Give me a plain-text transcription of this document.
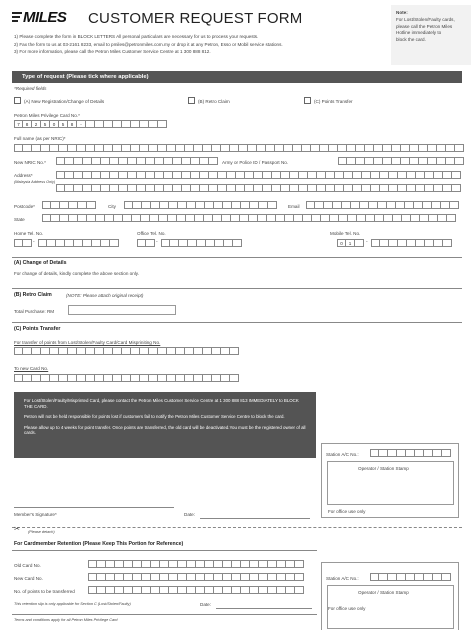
MILES CUSTOMER REQUEST FORM
1) Please complete the form in BLOCK LETTERS All personal particulars are necessary for us to process your requests.
2) Fax the form to us at 03-2161 8233, email to pmiles@petronmiles.com.my or drop it at any Petron, Esso or Mobil service stations.
3) For more information, please call the Petron Miles Customer Service Centre at 1 300 888 812.
Note:
For Lost/Stolen/Faulty cards,
please call the Petron Miles
Hotline immediately to
block the card.
Type of request (Please tick where applicable)
*Required fields
(A) New Registration/Change of Details	(B) Retro Claim	(C) Points Transfer
Petron Miles Privilege Card No.*
7	8	2	5	0	5	8	-
Full name (as per NRIC)*
New NRIC No.*	Army or Police ID / Passport No.
Address*
(Malaysia Address Only)
Postcode*	City	Email
State
Home Tel. No.	Office Tel. No.	Mobile Tel. No.
-	-	0	1	-
(A) Change of Details
For change of details, kindly complete the above section only.
(B) Retro Claim	(NOTE: Please attach original receipt)
Total Purchase: RM
(C) Points Transfer
For transfer of points from Lost/Stolen/Faulty Card/Card Mispriniting No.
To new Card No.

For Lost/Stolen/Faulty/Misprinted Card, please contact the Petron Miles Customer Service Centre at 1 300 888 813 IMMEDIATELY to BLOCK THE CARD.

Petron will not be held responsible for points lost if customers fail to notify the Petron Miles Customer Service Centre to block the card.

Please allow up to 4 weeks for point transfer. Once points are transferred, the old card will be deactivated.You must be the registered owner of all cards.

Station A/C No.:
Operator / Station Stamp
For office use only
Member's Signature*	Date:
✂ (Please detach)
For Cardmember Retention (Please Keep This Portion for Reference)
Old Card No.
New Card No.
No. of points to be transferred
This retention slip is only applicable for Section C (Lost/Stolen/Faulty)	Date:
Station A/C No.:
Operator / Station Stamp
For office use only
Terms and conditions apply for all Petron Miles Privilege Card
